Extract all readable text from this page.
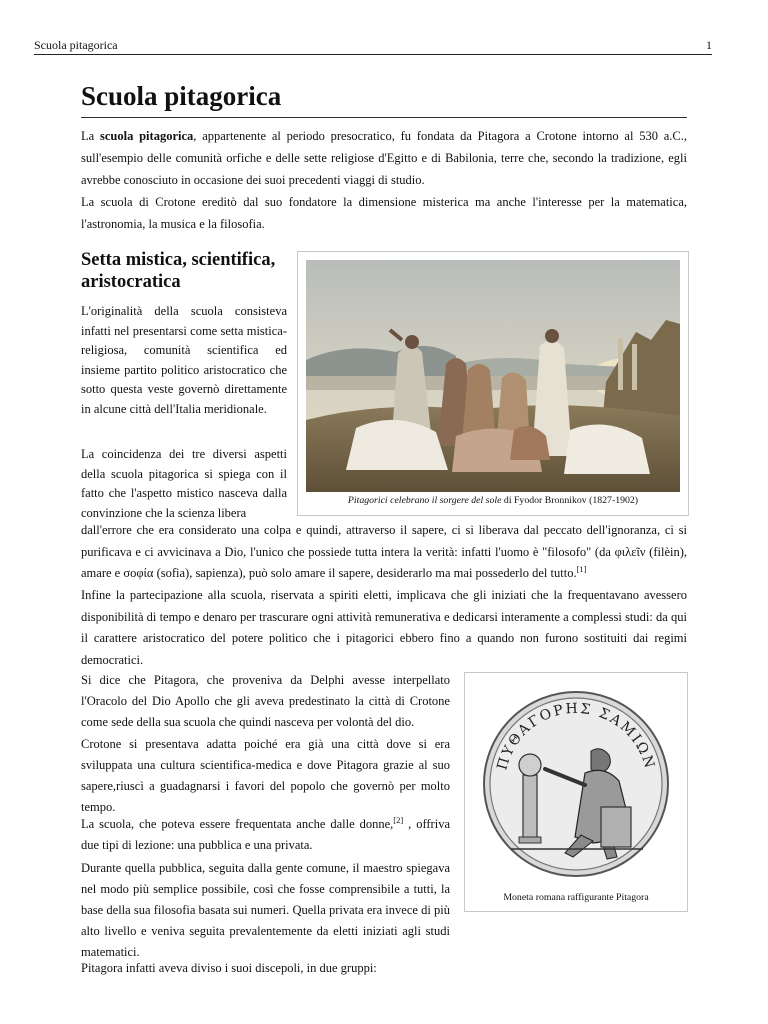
Scuola pitagorica	1
Scuola pitagorica

La scuola pitagorica, appartenente al periodo presocratico, fu fondata da Pitagora a Crotone intorno al 530 a.C., sull'esempio delle comunità orfiche e delle sette religiose d'Egitto e di Babilonia, terre che, secondo la tradizione, egli avrebbe conosciuto in occasione dei suoi precedenti viaggi di studio.

La scuola di Crotone ereditò dal suo fondatore la dimensione misterica ma anche l'interesse per la matematica, l'astronomia, la musica e la filosofia.

Setta mistica, scientifica, aristocratica

L'originalità della scuola consisteva infatti nel presentarsi come setta mistica-religiosa, comunità scientifica ed insieme partito politico aristocratico che sotto questa veste governò direttamente in alcune città dell'Italia meridionale.

La coincidenza dei tre diversi aspetti della scuola pitagorica si spiega con il fatto che l'aspetto mistico nasceva dalla convinzione che la scienza libera

Pitagorici celebrano il sorgere del sole di Fyodor Bronnikov (1827-1902)

dall'errore che era considerato una colpa e quindi, attraverso il sapere, ci si liberava dal peccato dell'ignoranza, ci si purificava e ci avvicinava a Dio, l'unico che possiede tutta intera la verità: infatti l'uomo è "filosofo" (da φιλεῖν (filèin), amare e σοφία (sofìa), sapienza), può solo amare il sapere, desiderarlo ma mai possederlo del tutto.[1]

Infine la partecipazione alla scuola, riservata a spiriti eletti, implicava che gli iniziati che la frequentavano avessero disponibilità di tempo e denaro per trascurare ogni attività remunerativa e dedicarsi interamente a complessi studi: da qui il carattere aristocratico del potere politico che i pitagorici ebbero fino a quando non furono sostituiti dai regimi democratici.

Si dice che Pitagora, che proveniva da Delphi avesse interpellato l'Oracolo del Dio Apollo che gli aveva predestinato la città di Crotone come sede della sua scuola che quindi nasceva per volontà del dio.

Crotone si presentava adatta poiché era già una città dove si era sviluppata una cultura scientifica-medica e dove Pitagora grazie al suo sapere,riuscì a guadagnarsi i favori del popolo che governò per molto tempo.

La scuola, che poteva essere frequentata anche dalle donne,[2] , offriva due tipi di lezione: una pubblica e una privata.

Durante quella pubblica, seguita dalla gente comune, il maestro spiegava nel modo più semplice possibile, così che fosse comprensibile a tutti, la base della sua filosofia basata sui numeri. Quella privata era invece di più alto livello e veniva seguita prevalentemente da eletti iniziati agli studi matematici.

Pitagora infatti aveva diviso i suoi discepoli, in due gruppi:

ΠΥΘΑΓΟΡΗΣ ΣΑΜΙΩΝ
Moneta romana raffigurante Pitagora
